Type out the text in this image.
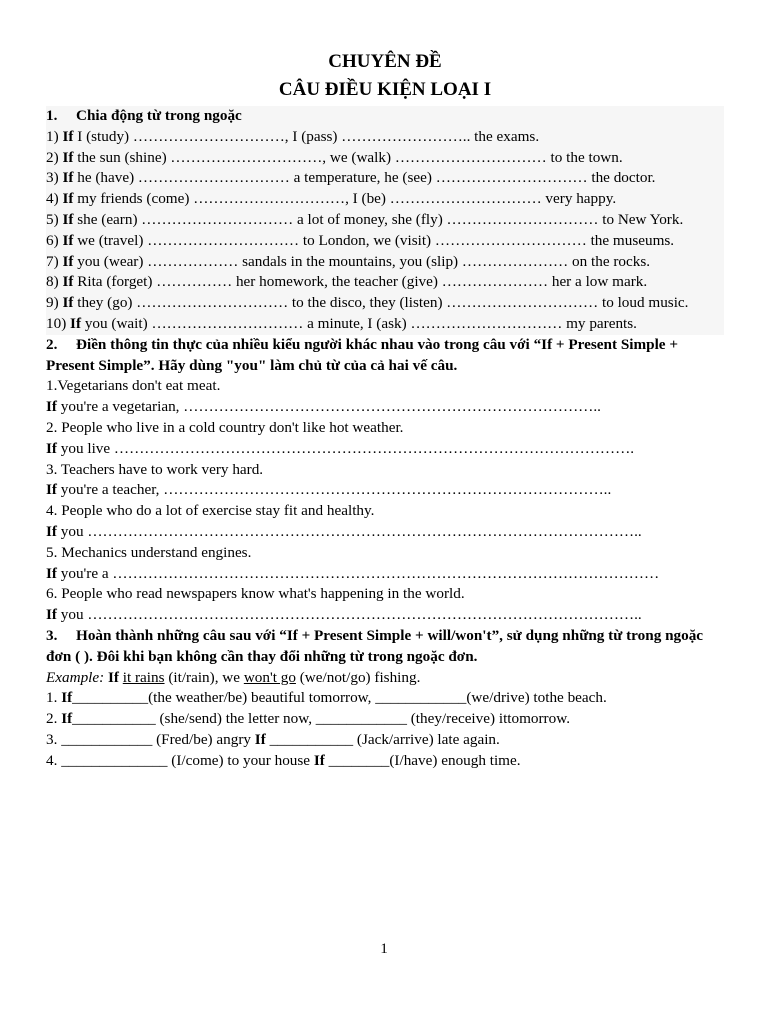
CHUYÊN ĐỀ

CÂU ĐIỀU KIỆN LOẠI I

1. Chia động từ trong ngoặc

1) If I (study) …………………………, I (pass) …………………….. the exams.

2) If the sun (shine) …………………………, we (walk) ………………………… to the town.

3) If he (have) ………………………… a temperature, he (see) ………………………… the doctor.

4) If my friends (come) …………………………, I (be) ………………………… very happy.

5) If she (earn) ………………………… a lot of money, she (fly) ………………………… to New York.

6) If we (travel) ………………………… to London, we (visit) ………………………… the museums.

7) If you (wear) ……………… sandals in the mountains, you (slip) ………………… on the rocks.

8) If Rita (forget) …………… her homework, the teacher (give) ………………… her a low mark.

9) If they (go) ………………………… to the disco, they (listen) ………………………… to loud music.

10) If you (wait) ………………………… a minute, I (ask) ………………………… my parents.

2. Điền thông tin thực của nhiều kiểu người khác nhau vào trong câu với “If + Present Simple + Present Simple”. Hãy dùng "you" làm chủ từ của cả hai vế câu.

1.Vegetarians don't eat meat.

If you're a vegetarian, ………………………………………………………………………..

2. People who live in a cold country don't like hot weather.

If you live ………………………………………………………………………………………….

3. Teachers have to work very hard.

If you're a teacher, ……………………………………………………………………………..

4. People who do a lot of exercise stay fit and healthy.

If you ………………………………………………………………………………………………..

5. Mechanics understand engines.

If you're a ………………………………………………………………………………………………

6. People who read newspapers know what's happening in the world.

If you ………………………………………………………………………………………………..

3. Hoàn thành những câu sau với “If + Present Simple + will/won't”, sử dụng những từ trong ngoặc đơn ( ). Đôi khi bạn không cần thay đổi những từ trong ngoặc đơn.

Example: If it rains (it/rain), we won't go (we/not/go) fishing.

1. If__________(the weather/be) beautiful tomorrow, ____________(we/drive) tothe beach.

2. If___________ (she/send) the letter now, ____________ (they/receive) ittomorrow.

3. ____________ (Fred/be) angry If ___________ (Jack/arrive) late again.

4. ______________ (I/come) to your house If ________(I/have) enough time.

1
